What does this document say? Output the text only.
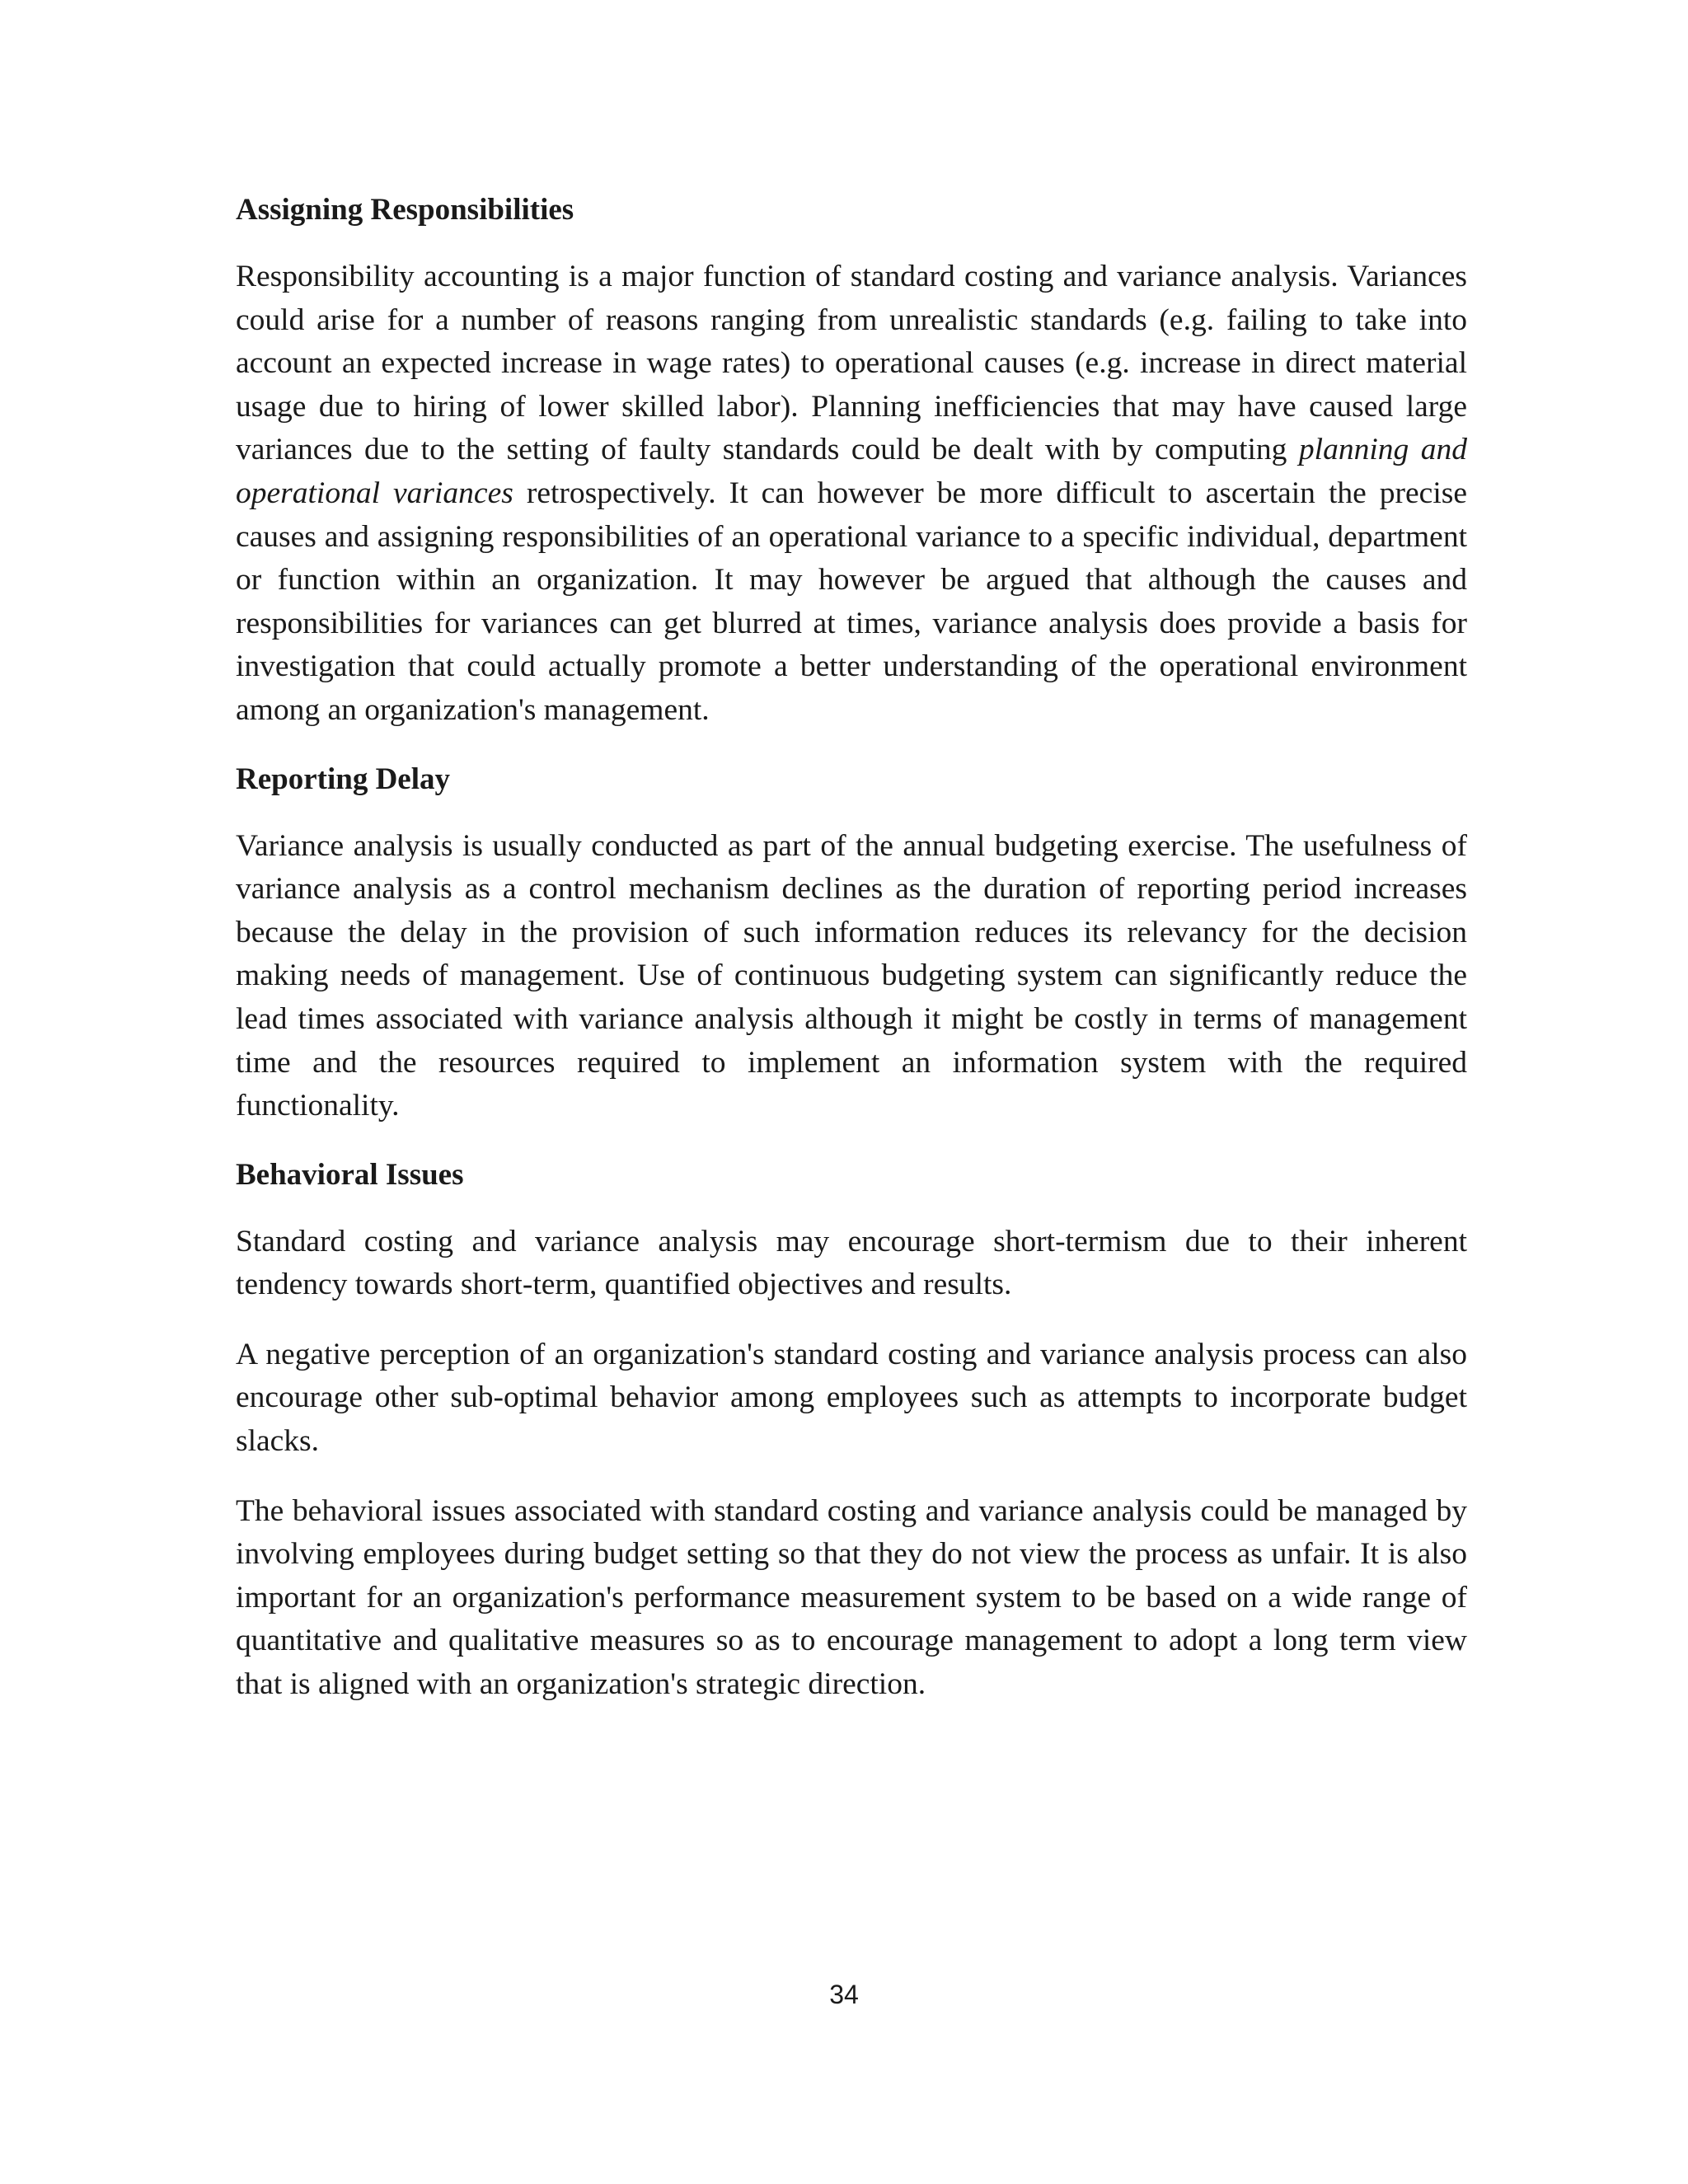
Assigning Responsibilities

Responsibility accounting is a major function of standard costing and variance analysis. Variances could arise for a number of reasons ranging from unrealistic standards (e.g. failing to take into account an expected increase in wage rates) to operational causes (e.g. increase in direct material usage due to hiring of lower skilled labor). Planning inefficiencies that may have caused large variances due to the setting of faulty standards could be dealt with by computing planning and operational variances retrospectively. It can however be more difficult to ascertain the precise causes and assigning responsibilities of an operational variance to a specific individual, department or function within an organization. It may however be argued that although the causes and responsibilities for variances can get blurred at times, variance analysis does provide a basis for investigation that could actually promote a better understanding of the operational environment among an organization's management.

Reporting Delay

Variance analysis is usually conducted as part of the annual budgeting exercise. The usefulness of variance analysis as a control mechanism declines as the duration of reporting period increases because the delay in the provision of such information reduces its relevancy for the decision making needs of management. Use of continuous budgeting system can significantly reduce the lead times associated with variance analysis although it might be costly in terms of management time and the resources required to implement an information system with the required functionality.

Behavioral Issues

Standard costing and variance analysis may encourage short-termism due to their inherent tendency towards short-term, quantified objectives and results.

A negative perception of an organization's standard costing and variance analysis process can also encourage other sub-optimal behavior among employees such as attempts to incorporate budget slacks.

The behavioral issues associated with standard costing and variance analysis could be managed by involving employees during budget setting so that they do not view the process as unfair. It is also important for an organization's performance measurement system to be based on a wide range of quantitative and qualitative measures so as to encourage management to adopt a long term view that is aligned with an organization's strategic direction.

34
